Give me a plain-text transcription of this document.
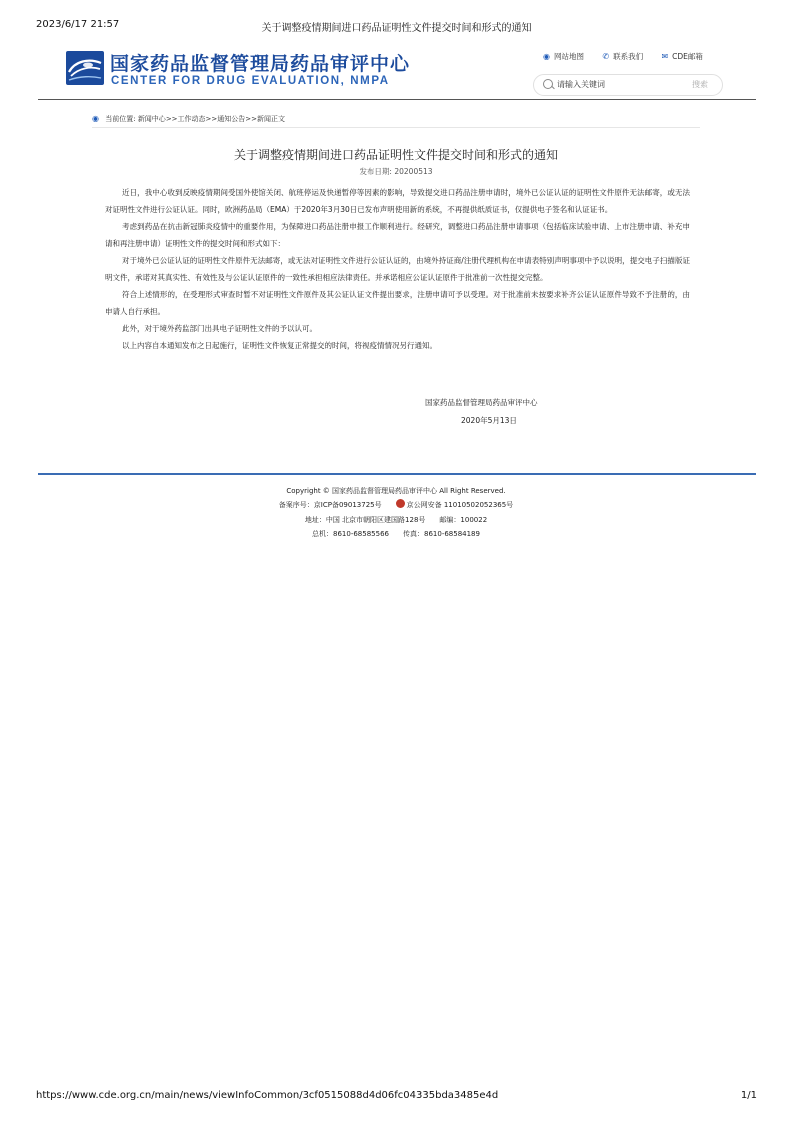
2023/6/17 21:57	关于调整疫情期间进口药品证明性文件提交时间和形式的通知
国家药品监督管理局药品审评中心
CENTER FOR DRUG EVALUATION, NMPA
◉ 网站地图 ✆ 联系我们 ✉ CDE邮箱
请输入关键词
搜索
◉ 当前位置: 新闻中心>>工作动态>>通知公告>>新闻正文
关于调整疫情期间进口药品证明性文件提交时间和形式的通知
发布日期: 20200513

近日，我中心收到反映疫情期间受国外使馆关闭、航班停运及快递暂停等因素的影响，导致提交进口药品注册申请时，境外已公证认证的证明性文件原件无法邮寄，或无法对证明性文件进行公证认证。同时，欧洲药品局（EMA）于2020年3月30日已发布声明使用新的系统，不再提供纸质证书，仅提供电子签名和认证证书。

考虑到药品在抗击新冠肺炎疫情中的重要作用，为保障进口药品注册申报工作顺利进行。经研究，调整进口药品注册申请事项（包括临床试验申请、上市注册申请、补充申请和再注册申请）证明性文件的提交时间和形式如下：

对于境外已公证认证的证明性文件原件无法邮寄，或无法对证明性文件进行公证认证的，由境外持证商/注册代理机构在申请表特别声明事项中予以说明，提交电子扫描版证明文件，承诺对其真实性、有效性及与公证认证原件的一致性承担相应法律责任。并承诺相应公证认证原件于批准前一次性提交完整。

符合上述情形的，在受理形式审查时暂不对证明性文件原件及其公证认证文件提出要求，注册申请可予以受理。对于批准前未按要求补齐公证认证原件导致不予注册的，由申请人自行承担。

此外，对于境外药监部门出具电子证明性文件的予以认可。

以上内容自本通知发布之日起施行，证明性文件恢复正常提交的时间，将视疫情情况另行通知。

国家药品监督管理局药品审评中心
2020年5月13日
Copyright © 国家药品监督管理局药品审评中心 All Right Reserved.
备案序号：京ICP备09013725号	京公网安备 11010502052365号
地址：中国 北京市朝阳区建国路128号 邮编：100022
总机：8610-68585566 传真：8610-68584189
https://www.cde.org.cn/main/news/viewInfoCommon/3cf0515088d4d06fc04335bda3485e4d	1/1
